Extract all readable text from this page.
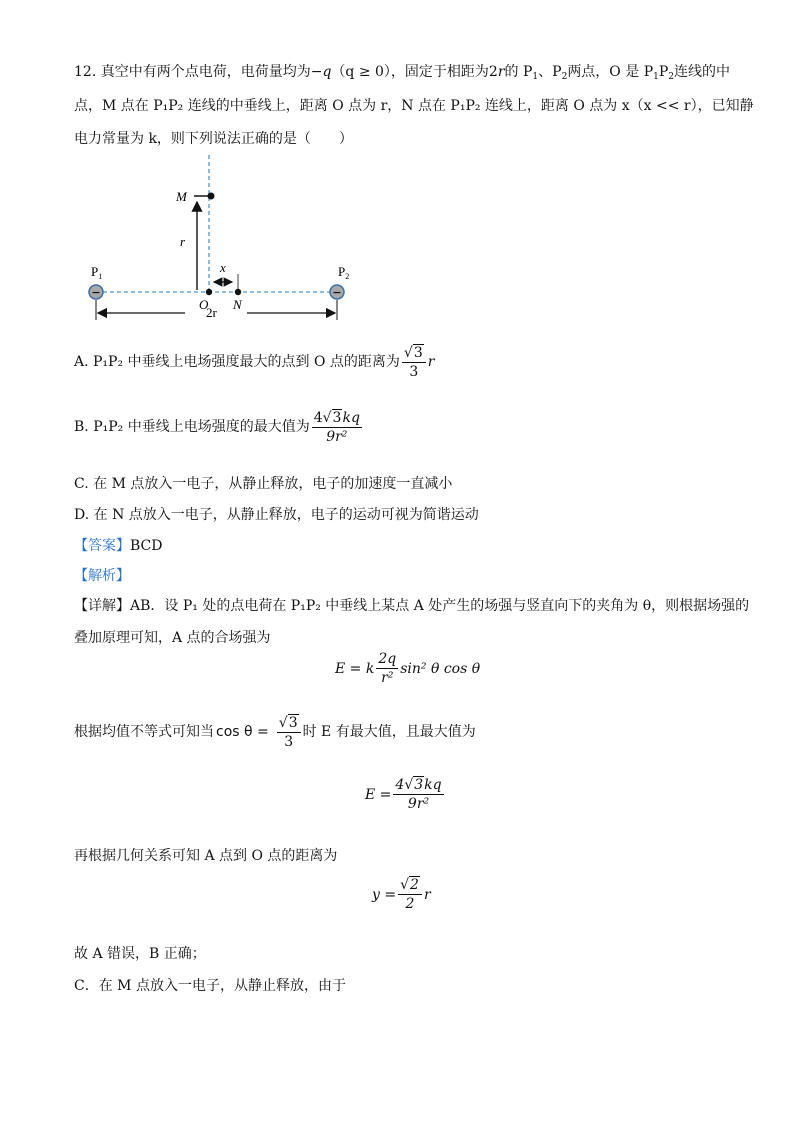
12. 真空中有两个点电荷，电荷量均为−q（q ≥ 0），固定于相距为2r的 $P_1$、$P_2$两点，O 是 $P_1P_2$连线的中
点，M 点在 P₁P₂ 连线的中垂线上，距离 O 点为 r，N 点在 P₁P₂ 连线上，距离 O 点为 x（x << r），已知静
电力常量为 k，则下列说法正确的是（　　）
M
r
x
O N
−
$P_1$
−
$P_2$
2r
A. P₁P₂ 中垂线上电场强度最大的点到 O 点的距离为 $\frac{√3}{3}$ r
B. P₁P₂ 中垂线上电场强度的最大值为 $\frac{4√3kq}{\text{9r²}}$
C. 在 M 点放入一电子，从静止释放，电子的加速度一直减小
D. 在 N 点放入一电子，从静止释放，电子的运动可视为简谐运动
【答案】BCD
【解析】
【详解】AB．设 P₁ 处的点电荷在 P₁P₂ 中垂线上某点 A 处产生的场强与竖直向下的夹角为 θ，则根据场强的
叠加原理可知，A 点的合场强为
E = k $\frac{2q}{\text{r²}} \sin^2$ θ cos θ
根据均值不等式可知当 $\cos \theta = \frac{√3}{3}$ 时 E 有最大值，且最大值为
$E = \frac{4√3kq}{\text{9r²}}$
再根据几何关系可知 A 点到 O 点的距离为
$y = \frac{√2}{2}$ r
故 A 错误，B 正确；
C．在 M 点放入一电子，从静止释放，由于
